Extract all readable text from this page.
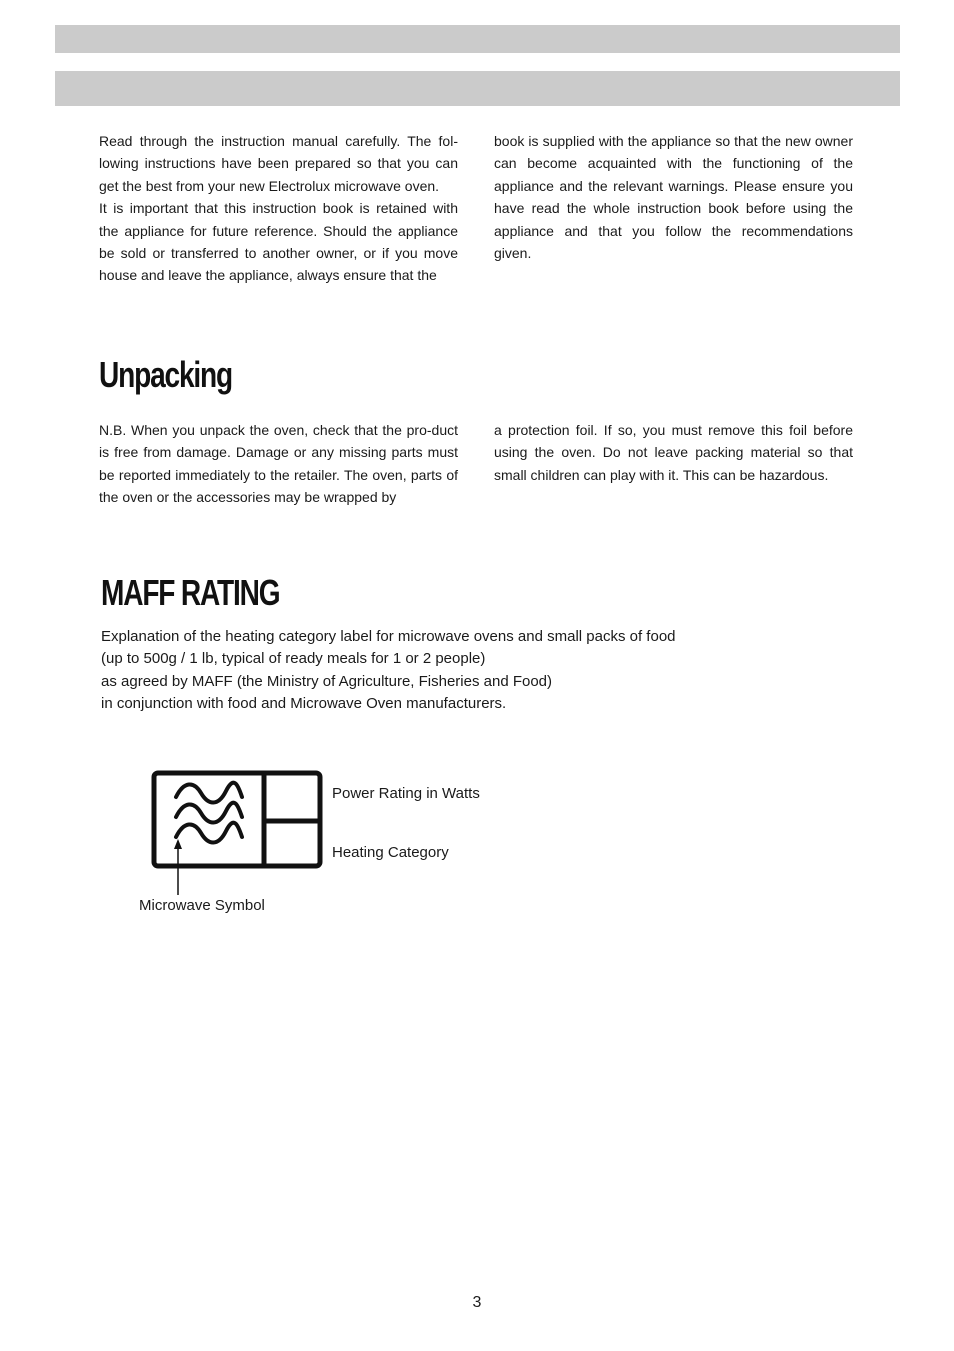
Read through the instruction manual carefully. The fol-lowing instructions have been prepared so that you can get the best from your new Electrolux microwave oven.

It is important that this instruction book is retained with the appliance for future reference. Should the appliance be sold or transferred to another owner, or if you move house and leave the appliance, always ensure that the

book is supplied with the appliance so that the new owner can become acquainted with the functioning of the appliance and the relevant warnings. Please ensure you have read the whole instruction book before using the appliance and that you follow the recommendations given.

Unpacking

N.B. When you unpack the oven, check that the pro-duct is free from damage. Damage or any missing parts must be reported immediately to the retailer. The oven, parts of the oven or the accessories may be wrapped by

a protection foil. If so, you must remove this foil before using the oven. Do not leave packing material so that small children can play with it. This can be hazardous.

MAFF RATING
Explanation of the heating category label for microwave ovens and small packs of food
(up to 500g / 1 lb, typical of ready meals for 1 or 2 people)
as agreed by MAFF (the Ministry of Agriculture, Fisheries and Food)
in conjunction with food and Microwave Oven manufacturers.
Power Rating in Watts
Heating Category
Microwave Symbol
3
